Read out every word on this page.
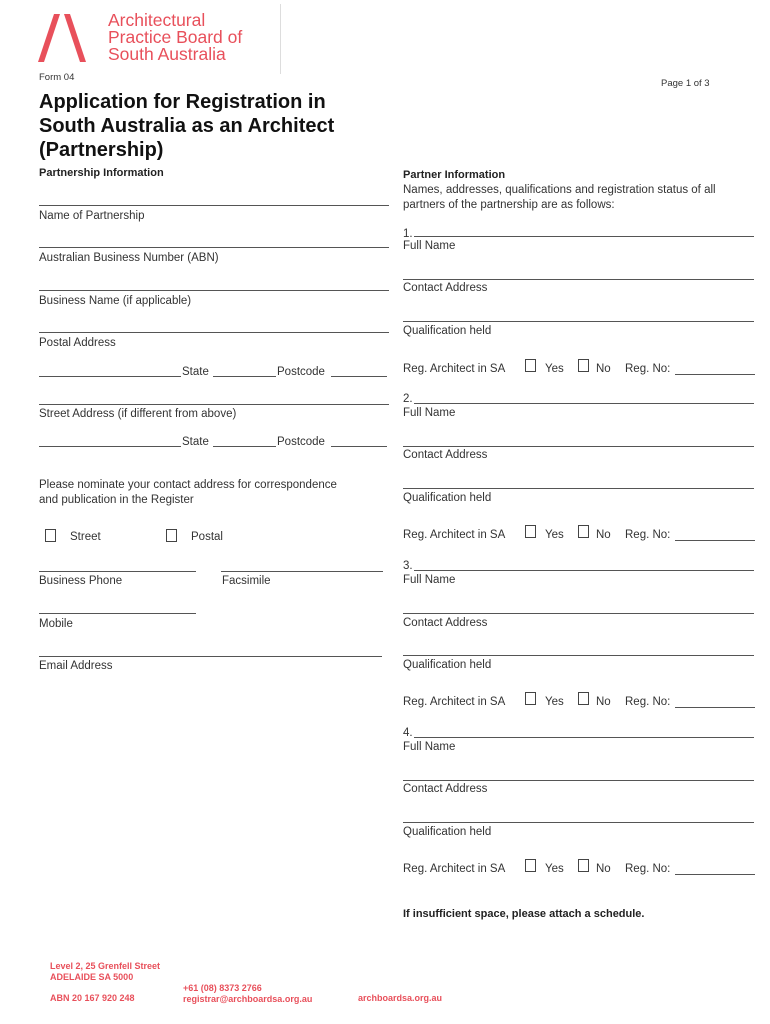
Architectural
Practice Board of
South Australia
Form 04
Page 1 of 3
Application for Registration in
South Australia as an Architect
(Partnership)
Partnership Information
Name of Partnership
Australian Business Number (ABN)
Business Name (if applicable)
Postal Address
State	Postcode
Street Address (if different from above)
State	Postcode
Please nominate your contact address for correspondence
and publication in the Register
Street	Postal
Business Phone	Facsimile
Mobile
Email Address
Partner Information
Names, addresses, qualifications and registration status of all
partners of the partnership are as follows:
1.
Full Name
Contact Address
Qualification held
Reg. Architect in SA	Yes	No Reg. No:
2.
Full Name
Contact Address
Qualification held
Reg. Architect in SA	Yes	No Reg. No:
3.
Full Name
Contact Address
Qualification held
Reg. Architect in SA	Yes	No Reg. No:
4.
Full Name
Contact Address
Qualification held
Reg. Architect in SA	Yes	No Reg. No:
If insufficient space, please attach a schedule.
Level 2, 25 Grenfell Street
ADELAIDE SA 5000
ABN 20 167 920 248
+61 (08) 8373 2766
registrar@archboardsa.org.au	archboardsa.org.au
